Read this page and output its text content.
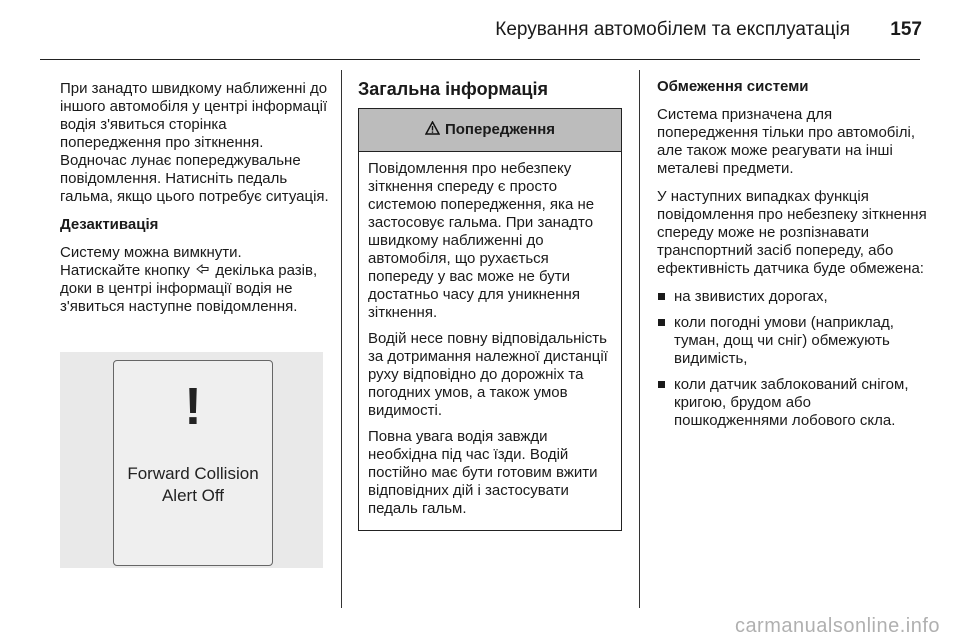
Керування автомобілем та експлуатація	157

При занадто швидкому наближенні до іншого автомобіля у центрі інформації водія з'явиться сторінка попередження про зіткнення. Водночас лунає попереджувальне повідомлення. Натисніть педаль гальма, якщо цього потребує ситуація.

Дезактивація

Систему можна вимкнути.
Натискайте кнопку декілька разів, доки в центрі інформації водія не з'явиться наступне повідомлення.

!
Forward Collision Alert Off
Загальна інформація
Попередження

Повідомлення про небезпеку зіткнення спереду є просто системою попередження, яка не застосовує гальма. При занадто швидкому наближенні до автомобіля, що рухається попереду у вас може не бути достатньо часу для уникнення зіткнення.

Водій несе повну відповідальність за дотримання належної дистанції руху відповідно до дорожніх та погодних умов, а також умов видимості.

Повна увага водія завжди необхідна під час їзди. Водій постійно має бути готовим вжити відповідних дій і застосувати педаль гальм.

Обмеження системи

Система призначена для попередження тільки про автомобілі, але також може реагувати на інші металеві предмети.

У наступних випадках функція повідомлення про небезпеку зіткнення спереду може не розпізнавати транспортний засіб попереду, або ефективність датчика буде обмежена:

на звивистих дорогах,
коли погодні умови (наприклад, туман, дощ чи сніг) обмежують видимість,
коли датчик заблокований снігом, кригою, брудом або пошкодженнями лобового скла.
carmanualsonline.info
